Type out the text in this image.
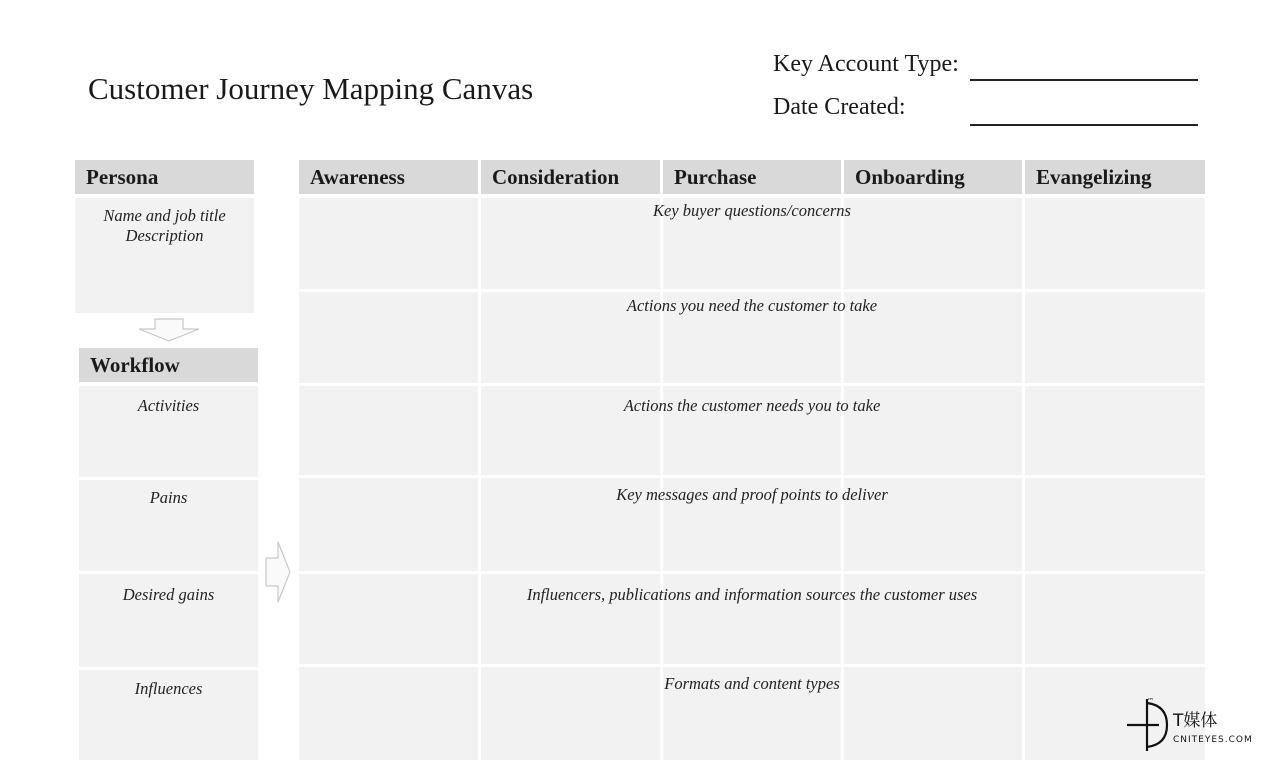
Customer Journey Mapping Canvas
Key Account Type:
Date Created:
Persona
Name and job title
Description
Workflow
Activities
Pains
Desired gains
Influences
Awareness	Consideration	Purchase	Onboarding	Evangelizing
Key buyer questions/concerns
Actions you need the customer to take
Actions the customer needs you to take
Key messages and proof points to deliver
Influencers, publications and information sources the customer uses
Formats and content types
T媒体
CNITEYES.COM
™
